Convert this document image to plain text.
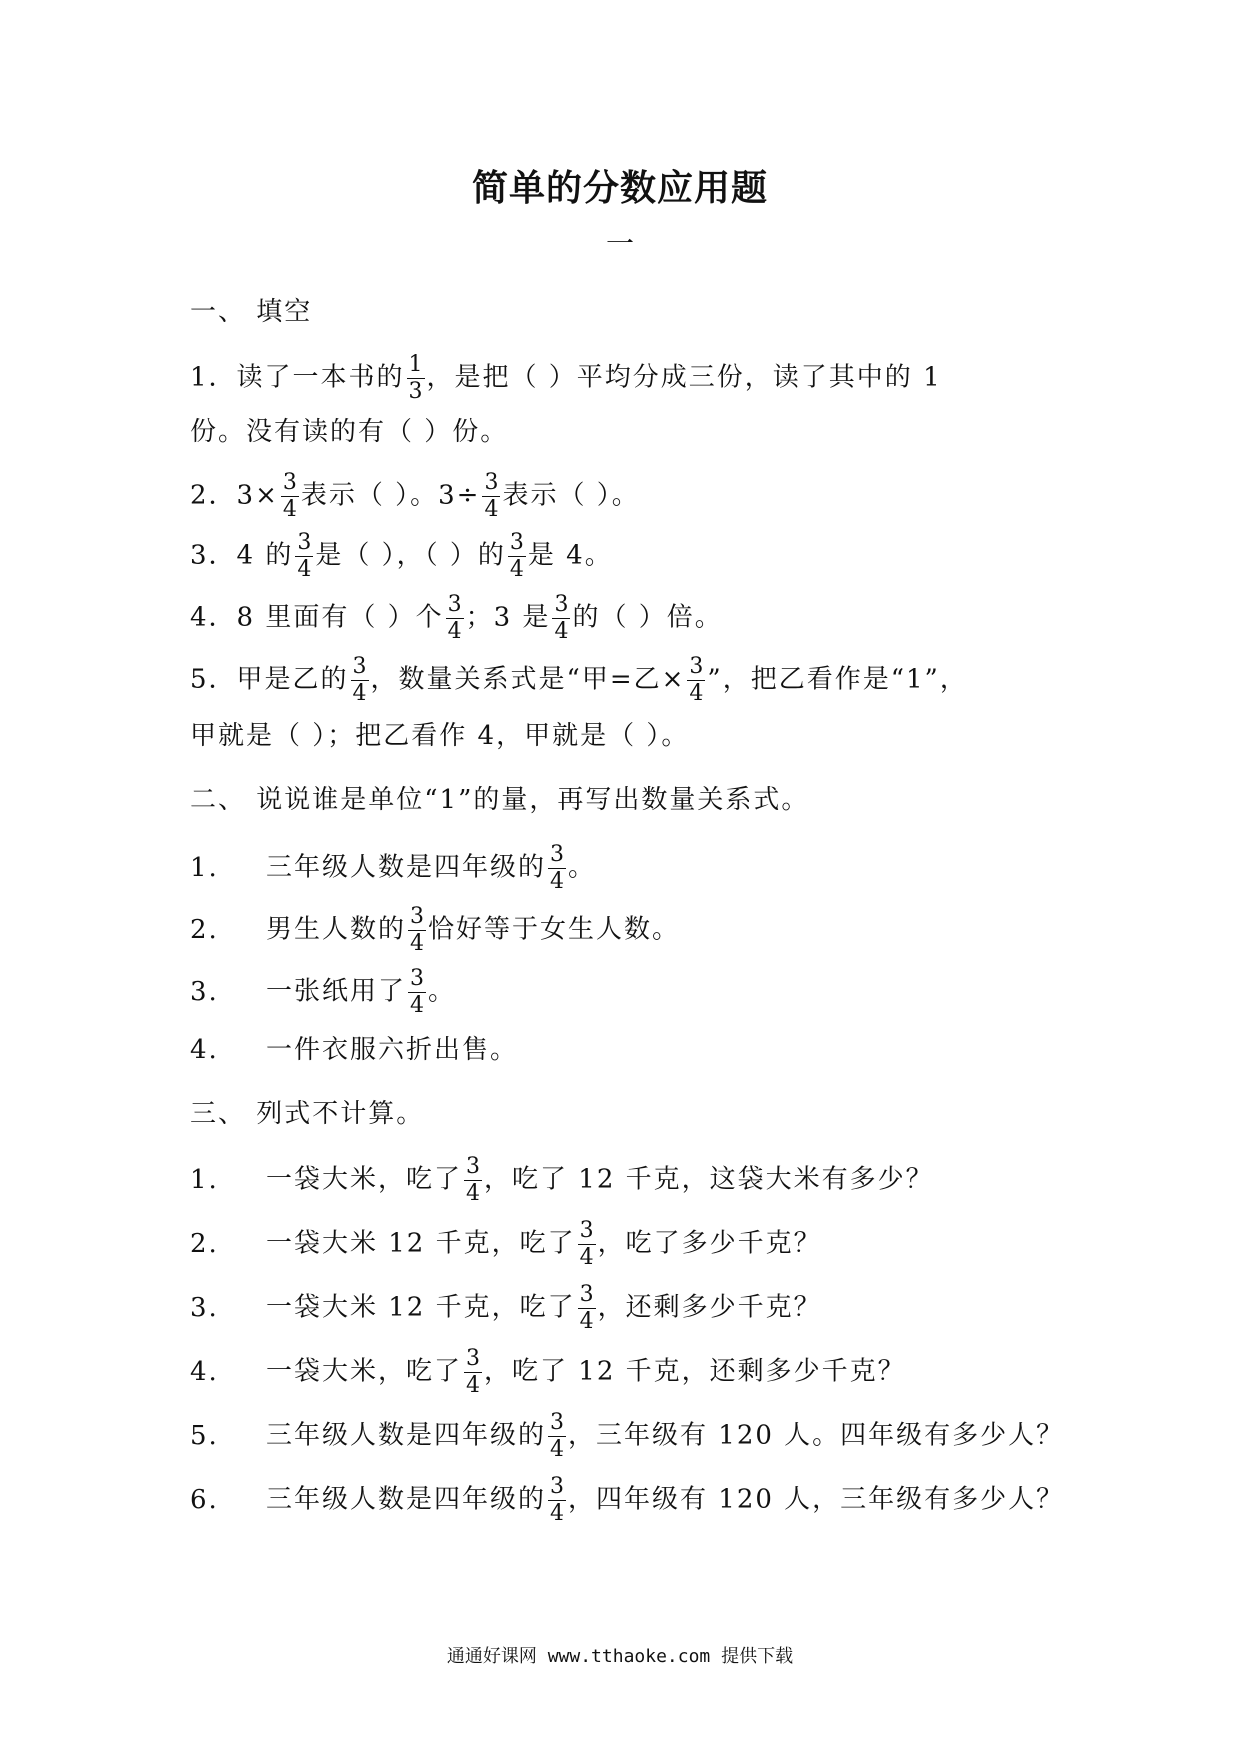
简单的分数应用题
一
一、 填空
1．读了一本书的 $\frac{1}{3}$ ，是把（ ）平均分成三份，读了其中的 1
份。没有读的有（ ）份。
2．$3\times \frac{3}{4}$ 表示（ ）。$3\div \frac{3}{4}$ 表示（ ）。
3．4 的 $\frac{3}{4}$ 是（ ），（ ）的 $\frac{3}{4}$ 是 4。
4．8 里面有（ ）个 $\frac{3}{4}$ ；3 是 $\frac{3}{4}$ 的（ ）倍。
5．甲是乙的 $\frac{3}{4}$ ，数量关系式是“甲=乙× $\frac{3}{4}$ ”，把乙看作是“1”，
甲就是（ ）；把乙看作 4，甲就是（ ）。
二、 说说谁是单位“1”的量，再写出数量关系式。
1. 三年级人数是四年级的 $\frac{3}{4}$ 。
2. 男生人数的 $\frac{3}{4}$ 恰好等于女生人数。
3. 一张纸用了 $\frac{3}{4}$ 。
4. 一件衣服六折出售。
三、 列式不计算。
1. 一袋大米，吃了 $\frac{3}{4}$ ，吃了 12 千克，这袋大米有多少？
2. 一袋大米 12 千克，吃了 $\frac{3}{4}$ ，吃了多少千克？
3. 一袋大米 12 千克，吃了 $\frac{3}{4}$ ，还剩多少千克？
4. 一袋大米，吃了 $\frac{3}{4}$ ，吃了 12 千克，还剩多少千克？
5. 三年级人数是四年级的 $\frac{3}{4}$ ，三年级有 120 人。四年级有多少人？
6. 三年级人数是四年级的 $\frac{3}{4}$ ，四年级有 120 人，三年级有多少人？
通通好课网 www.tthaoke.com 提供下载
